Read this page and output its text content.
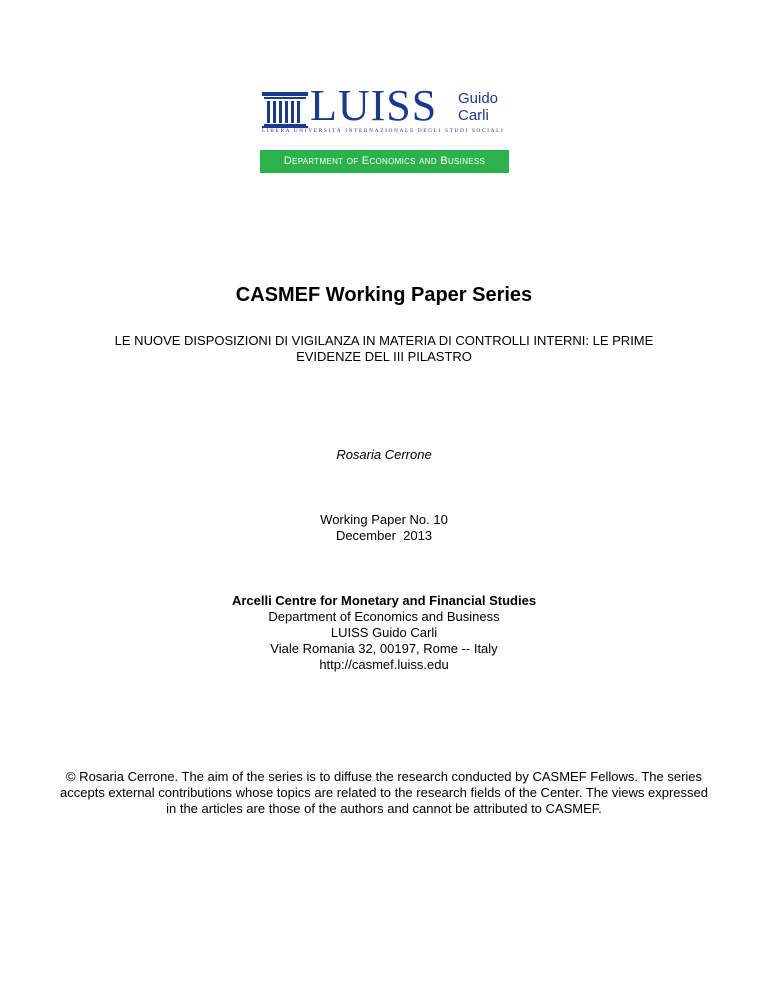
LUISS Guido
Carli
LIBERA UNIVERSITÀ INTERNAZIONALE DEGLI STUDI SOCIALI
Department of Economics and Business
CASMEF Working Paper Series
LE NUOVE DISPOSIZIONI DI VIGILANZA IN MATERIA DI CONTROLLI INTERNI: LE PRIME EVIDENZE DEL III PILASTRO
Rosaria Cerrone
Working Paper No. 10
December  2013
Arcelli Centre for Monetary and Financial Studies
Department of Economics and Business
LUISS Guido Carli
Viale Romania 32, 00197, Rome -- Italy
http://casmef.luiss.edu
© Rosaria Cerrone. The aim of the series is to diffuse the research conducted by CASMEF Fellows. The series accepts external contributions whose topics are related to the research fields of the Center. The views expressed in the articles are those of the authors and cannot be attributed to CASMEF.
